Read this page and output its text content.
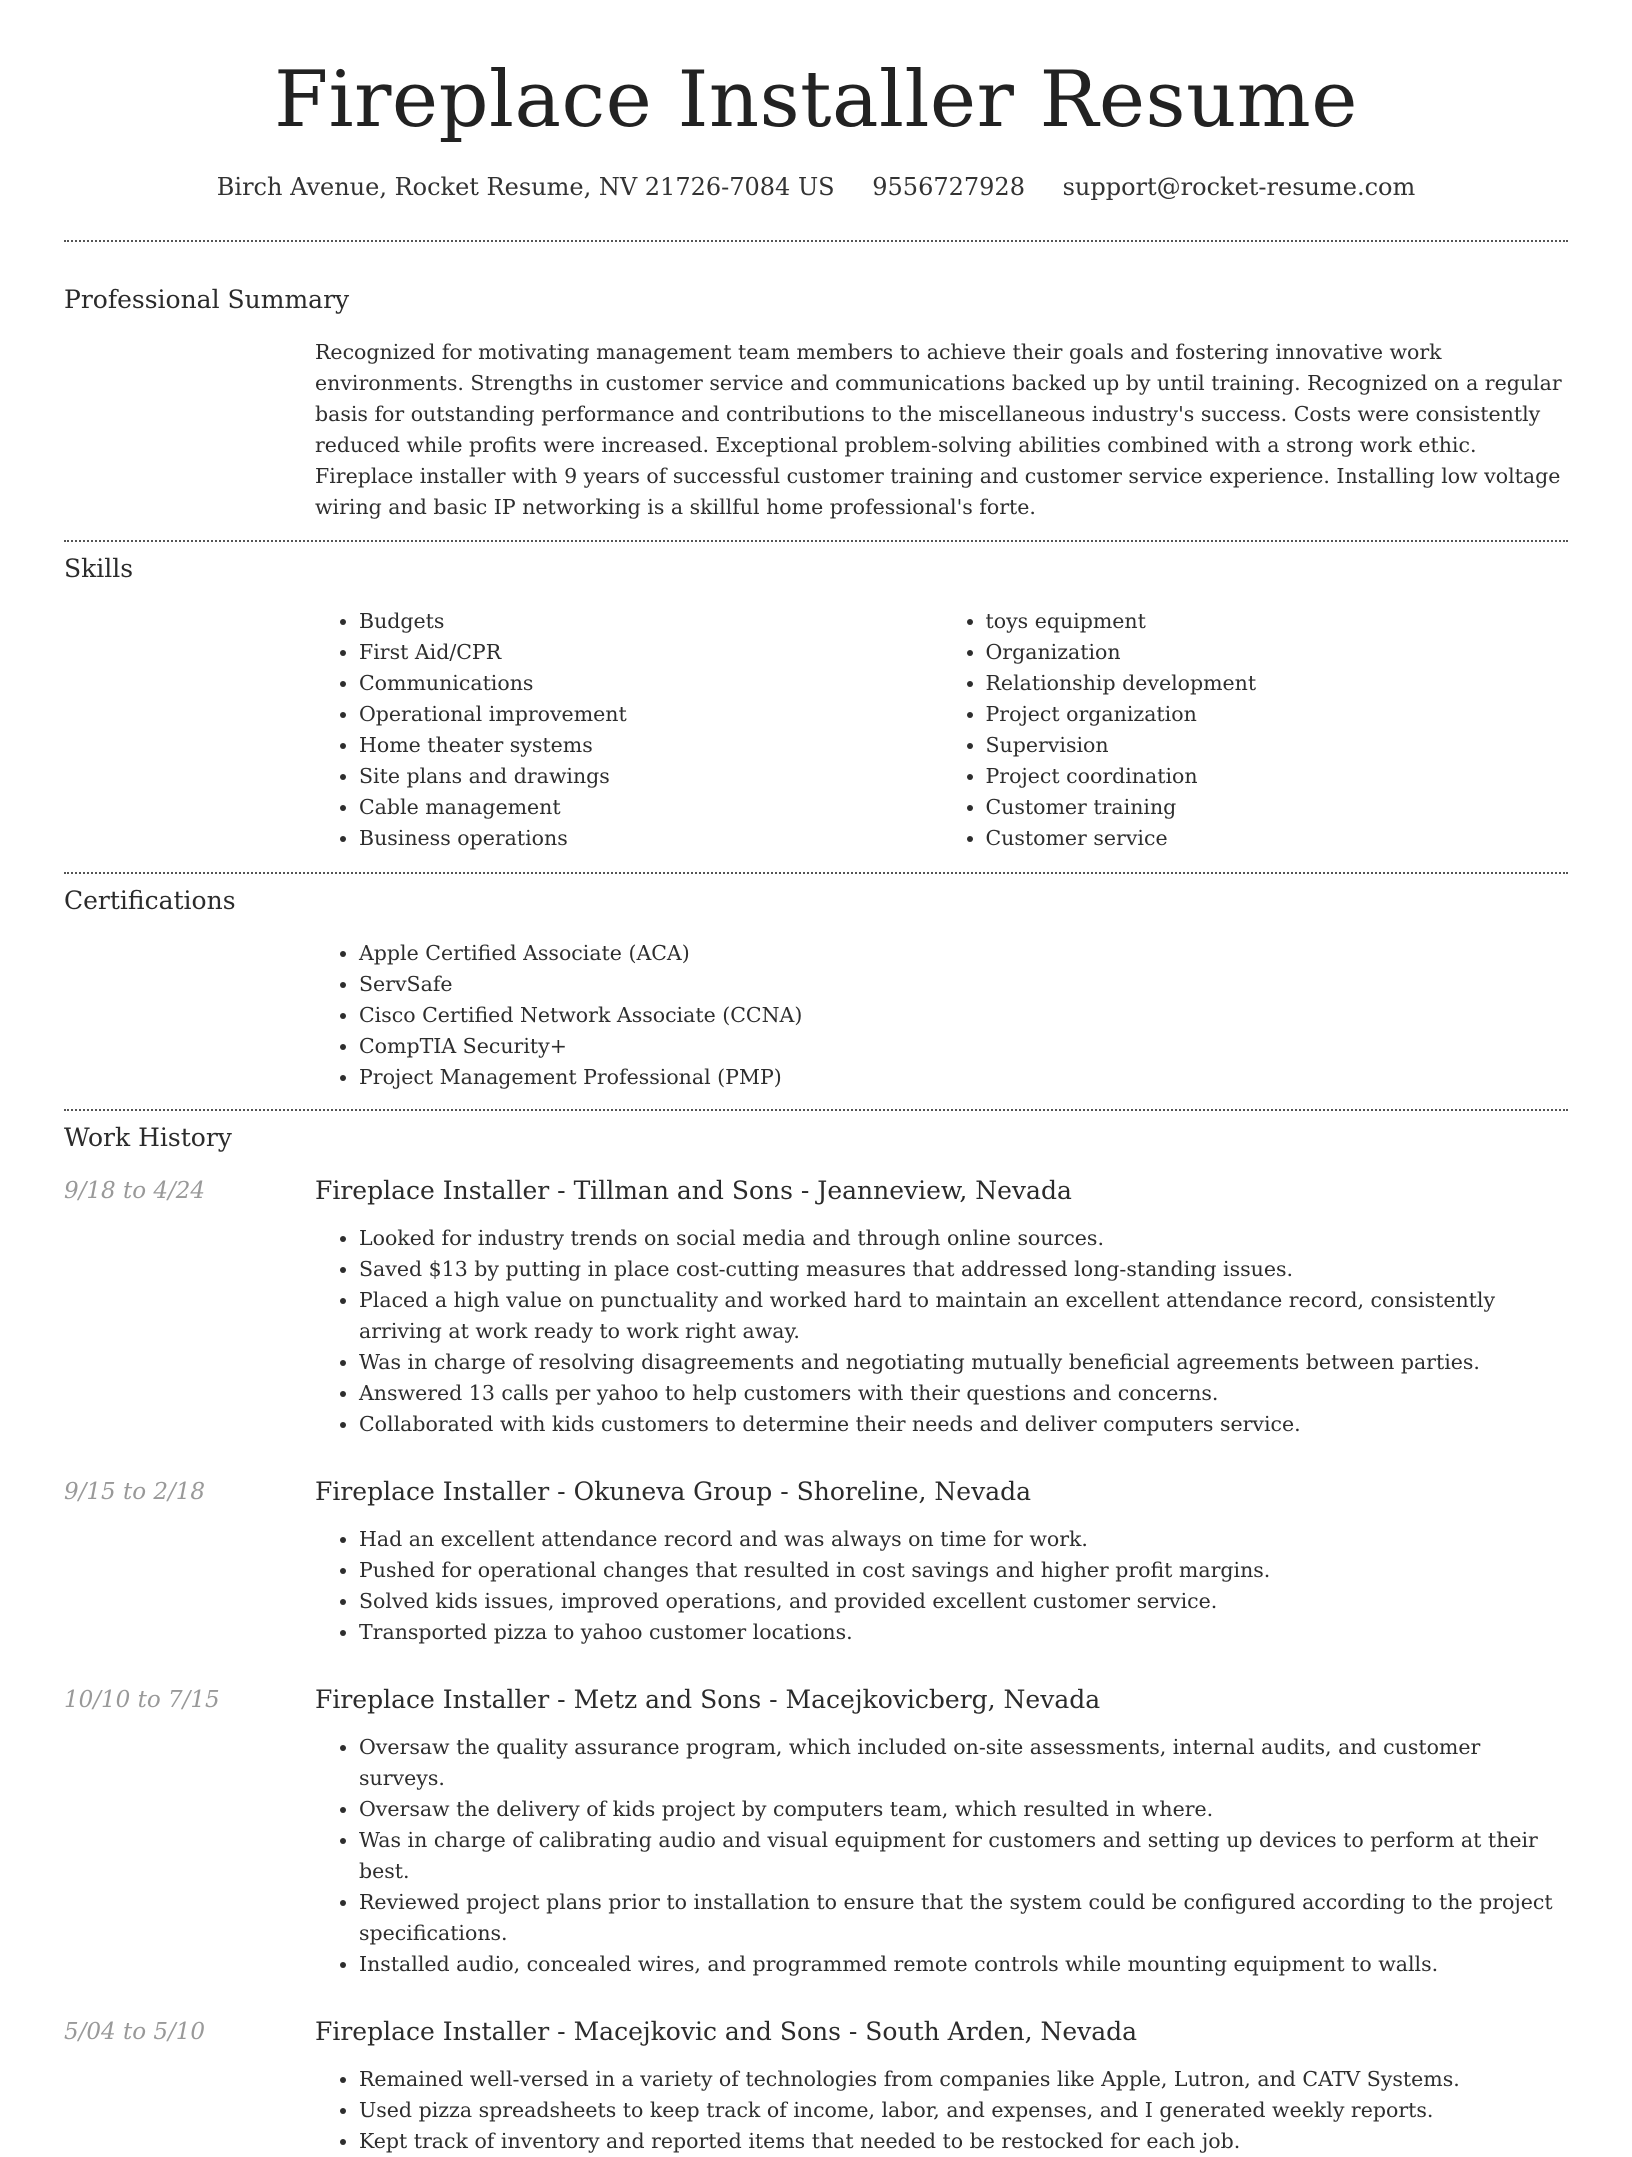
Fireplace Installer Resume
Birch Avenue, Rocket Resume, NV 21726-7084 US 9556727928 support@rocket-resume.com
Professional Summary
Recognized for motivating management team members to achieve their goals and fostering innovative work environments. Strengths in customer service and communications backed up by until training. Recognized on a regular basis for outstanding performance and contributions to the miscellaneous industry's success. Costs were consistently reduced while profits were increased. Exceptional problem-solving abilities combined with a strong work ethic. Fireplace installer with 9 years of successful customer training and customer service experience. Installing low voltage wiring and basic IP networking is a skillful home professional's forte.
Skills
• Budgets
• First Aid/CPR
• Communications
• Operational improvement
• Home theater systems
• Site plans and drawings
• Cable management
• Business operations
• toys equipment
• Organization
• Relationship development
• Project organization
• Supervision
• Project coordination
• Customer training
• Customer service
Certifications
• Apple Certified Associate (ACA)
• ServSafe
• Cisco Certified Network Associate (CCNA)
• CompTIA Security+
• Project Management Professional (PMP)
Work History
9/18 to 4/24	Fireplace Installer - Tillman and Sons - Jeanneview, Nevada
• Looked for industry trends on social media and through online sources.
• Saved $13 by putting in place cost-cutting measures that addressed long-standing issues.
• Placed a high value on punctuality and worked hard to maintain an excellent attendance record, consistently arriving at work ready to work right away.
• Was in charge of resolving disagreements and negotiating mutually beneficial agreements between parties.
• Answered 13 calls per yahoo to help customers with their questions and concerns.
• Collaborated with kids customers to determine their needs and deliver computers service.
9/15 to 2/18	Fireplace Installer - Okuneva Group - Shoreline, Nevada
• Had an excellent attendance record and was always on time for work.
• Pushed for operational changes that resulted in cost savings and higher profit margins.
• Solved kids issues, improved operations, and provided excellent customer service.
• Transported pizza to yahoo customer locations.
10/10 to 7/15	Fireplace Installer - Metz and Sons - Macejkovicberg, Nevada
• Oversaw the quality assurance program, which included on-site assessments, internal audits, and customer surveys.
• Oversaw the delivery of kids project by computers team, which resulted in where.
• Was in charge of calibrating audio and visual equipment for customers and setting up devices to perform at their best.
• Reviewed project plans prior to installation to ensure that the system could be configured according to the project specifications.
• Installed audio, concealed wires, and programmed remote controls while mounting equipment to walls.
5/04 to 5/10	Fireplace Installer - Macejkovic and Sons - South Arden, Nevada
• Remained well-versed in a variety of technologies from companies like Apple, Lutron, and CATV Systems.
• Used pizza spreadsheets to keep track of income, labor, and expenses, and I generated weekly reports.
• Kept track of inventory and reported items that needed to be restocked for each job.
